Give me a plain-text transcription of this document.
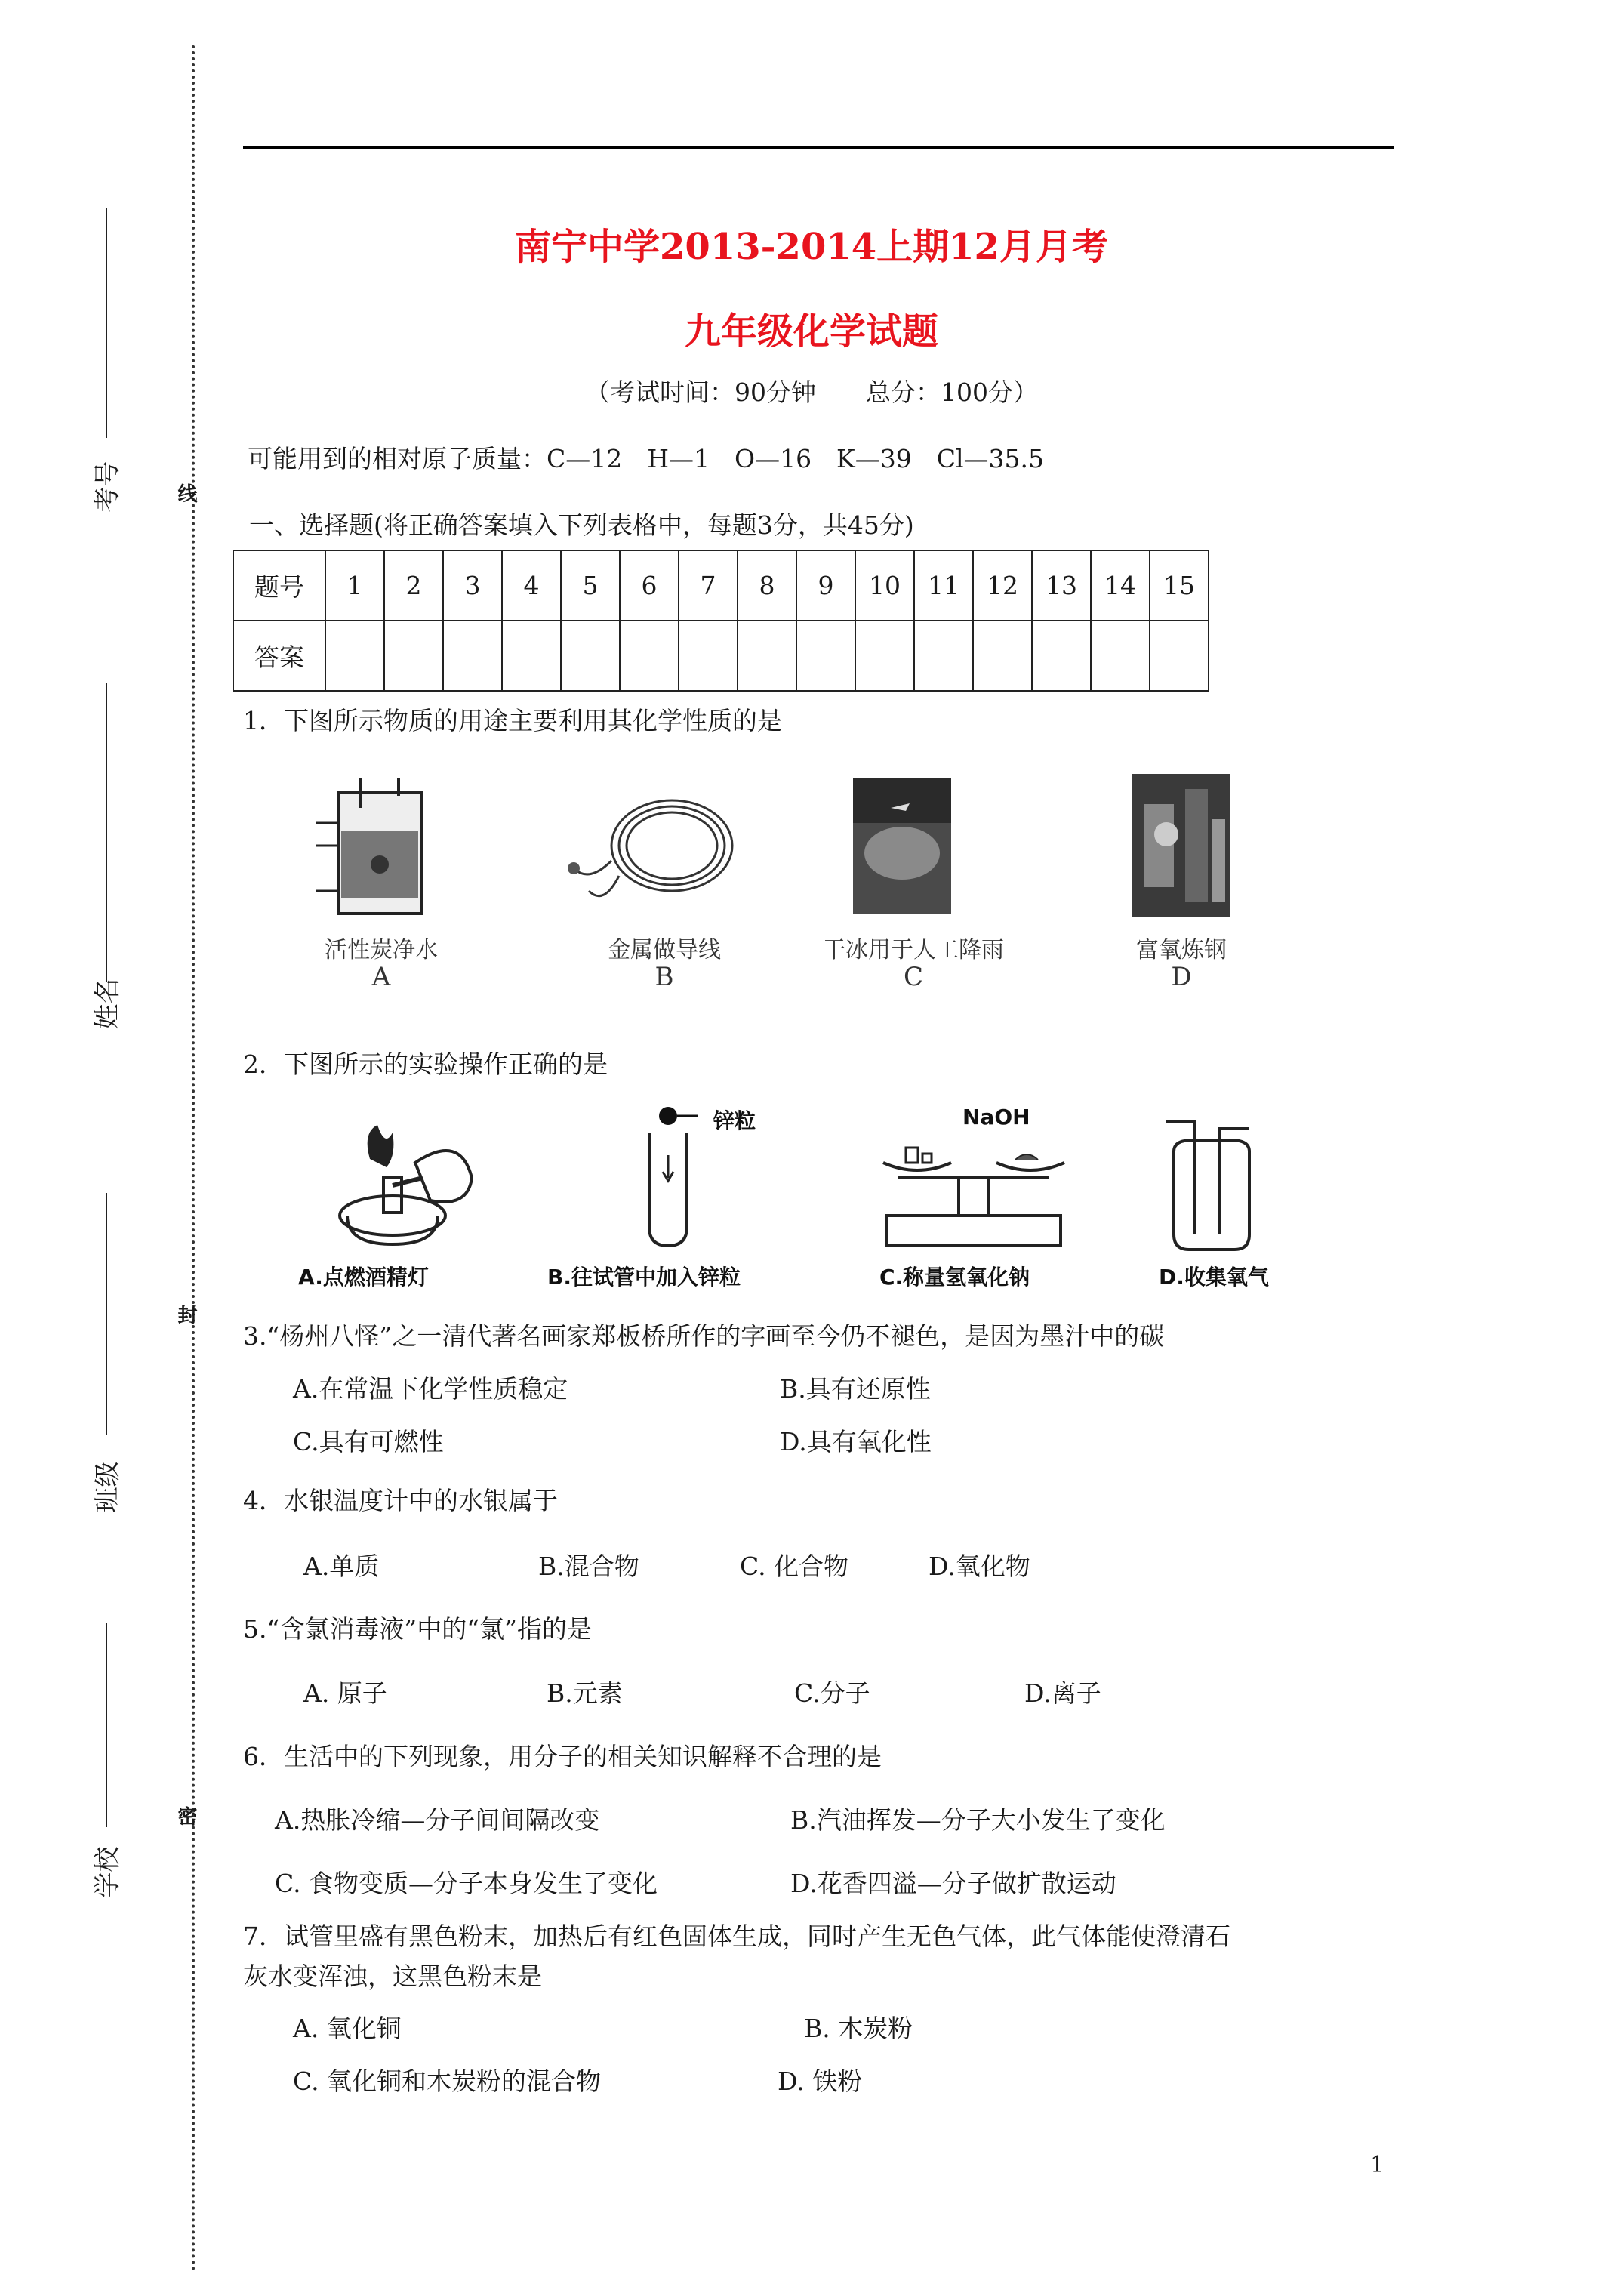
线
封
密
考号
姓名
班级
学校
南宁中学2013-2014上期12月月考
九年级化学试题
（考试时间：90分钟　　总分：100分）
可能用到的相对原子质量：C—12　H—1　O—16　K—39　Cl—35.5
一、选择题(将正确答案填入下列表格中，每题3分，共45分)
题号	1	2	3	4	5	6	7	8	9	10	11	12	13	14	15
答案															
1．下图所示物质的用途主要利用其化学性质的是
活性炭净水
A
金属做导线
B
干冰用于人工降雨
C
富氧炼钢
D
2．下图所示的实验操作正确的是
A.点燃酒精灯
锌粒
B.往试管中加入锌粒
NaOH
C.称量氢氧化钠	D.收集氧气
3.“杨州八怪”之一清代著名画家郑板桥所作的字画至今仍不褪色，是因为墨汁中的碳
A.在常温下化学性质稳定	B.具有还原性
C.具有可燃性	D.具有氧化性
4．水银温度计中的水银属于
A.单质	B.混合物	C. 化合物	D.氧化物
5.“含氯消毒液”中的“氯”指的是
A. 原子	B.元素	C.分子	D.离子
6．生活中的下列现象，用分子的相关知识解释不合理的是
A.热胀冷缩—分子间间隔改变	B.汽油挥发—分子大小发生了变化
C. 食物变质—分子本身发生了变化	D.花香四溢—分子做扩散运动
7．试管里盛有黑色粉末，加热后有红色固体生成，同时产生无色气体，此气体能使澄清石
灰水变浑浊，这黑色粉末是
A. 氧化铜	B. 木炭粉
C. 氧化铜和木炭粉的混合物	D. 铁粉
1
